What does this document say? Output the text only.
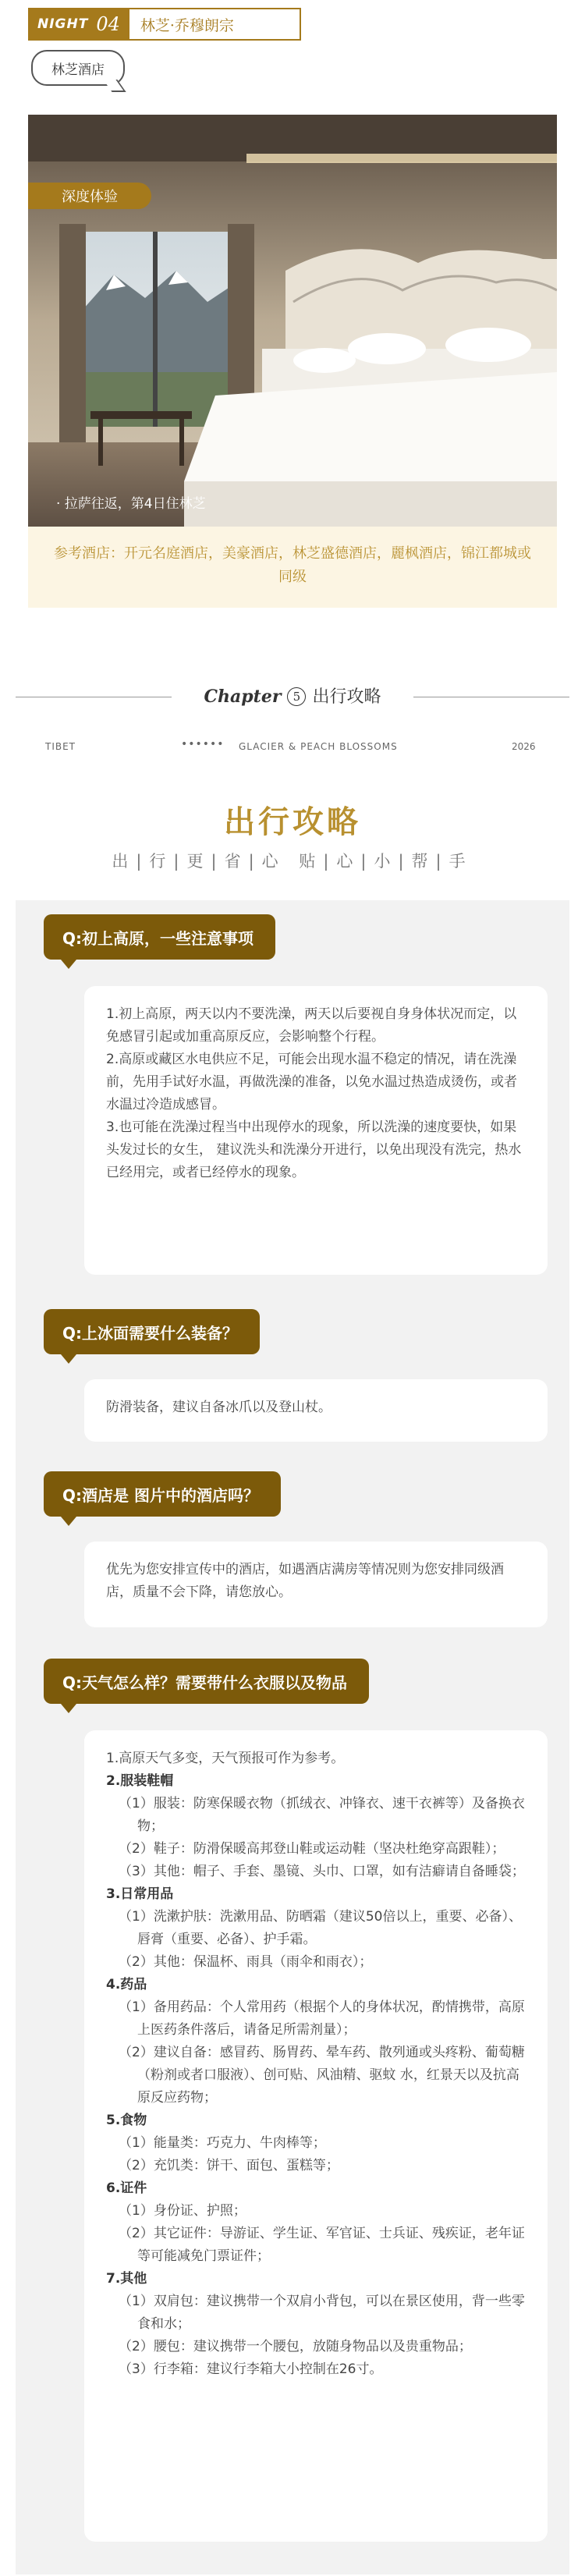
NIGHT 04	林芝·乔穆朗宗
林芝酒店
深度体验
· 拉萨往返，第4日住林芝
参考酒店：开元名庭酒店，美豪酒店，林芝盛德酒店，麗枫酒店，锦江都城或同级
Chapter 5 出行攻略
TIBET	•••••• GLACIER & PEACH BLOSSOMS	2026
出行攻略
出|行|更|省|心 贴|心|小|帮|手
Q:初上高原，一些注意事项

1.初上高原，两天以内不要洗澡，两天以后要视自身身体状况而定，以免感冒引起或加重高原反应，会影响整个行程。

2.高原或藏区水电供应不足，可能会出现水温不稳定的情况，请在洗澡前，先用手试好水温，再做洗澡的准备，以免水温过热造成烫伤，或者水温过冷造成感冒。

3.也可能在洗澡过程当中出现停水的现象，所以洗澡的速度要快，如果头发过长的女生， 建议洗头和洗澡分开进行，以免出现没有洗完，热水已经用完，或者已经停水的现象。

Q:上冰面需要什么装备？

防滑装备，建议自备冰爪以及登山杖。

Q:酒店是 图片中的酒店吗？

优先为您安排宣传中的酒店，如遇酒店满房等情况则为您安排同级酒店，质量不会下降，请您放心。

Q:天气怎么样？需要带什么衣服以及物品

1.高原天气多变，天气预报可作为参考。

2.服装鞋帽

（1）服装：防寒保暖衣物（抓绒衣、冲锋衣、速干衣裤等）及备换衣物；

（2）鞋子：防滑保暖高邦登山鞋或运动鞋（坚决杜绝穿高跟鞋）；

（3）其他：帽子、手套、墨镜、头巾、口罩，如有洁癖请自备睡袋；

3.日常用品

（1）洗漱护肤：洗漱用品、防晒霜（建议50倍以上，重要、必备）、唇膏（重要、必备）、护手霜。

（2）其他：保温杯、雨具（雨伞和雨衣）；

4.药品

（1）备用药品：个人常用药（根据个人的身体状况，酌情携带，高原上医药条件落后，请备足所需剂量）；

（2）建议自备：感冒药、肠胃药、晕车药、散列通或头疼粉、葡萄糖（粉剂或者口服液）、创可贴、风油精、驱蚊 水，红景天以及抗高原反应药物；

5.食物

（1）能量类：巧克力、牛肉棒等；

（2）充饥类：饼干、面包、蛋糕等；

6.证件

（1）身份证、护照；

（2）其它证件：导游证、学生证、军官证、士兵证、残疾证，老年证等可能减免门票证件；

7.其他

（1）双肩包：建议携带一个双肩小背包，可以在景区使用，背一些零食和水；

（2）腰包：建议携带一个腰包，放随身物品以及贵重物品；

（3）行李箱：建议行李箱大小控制在26寸。
